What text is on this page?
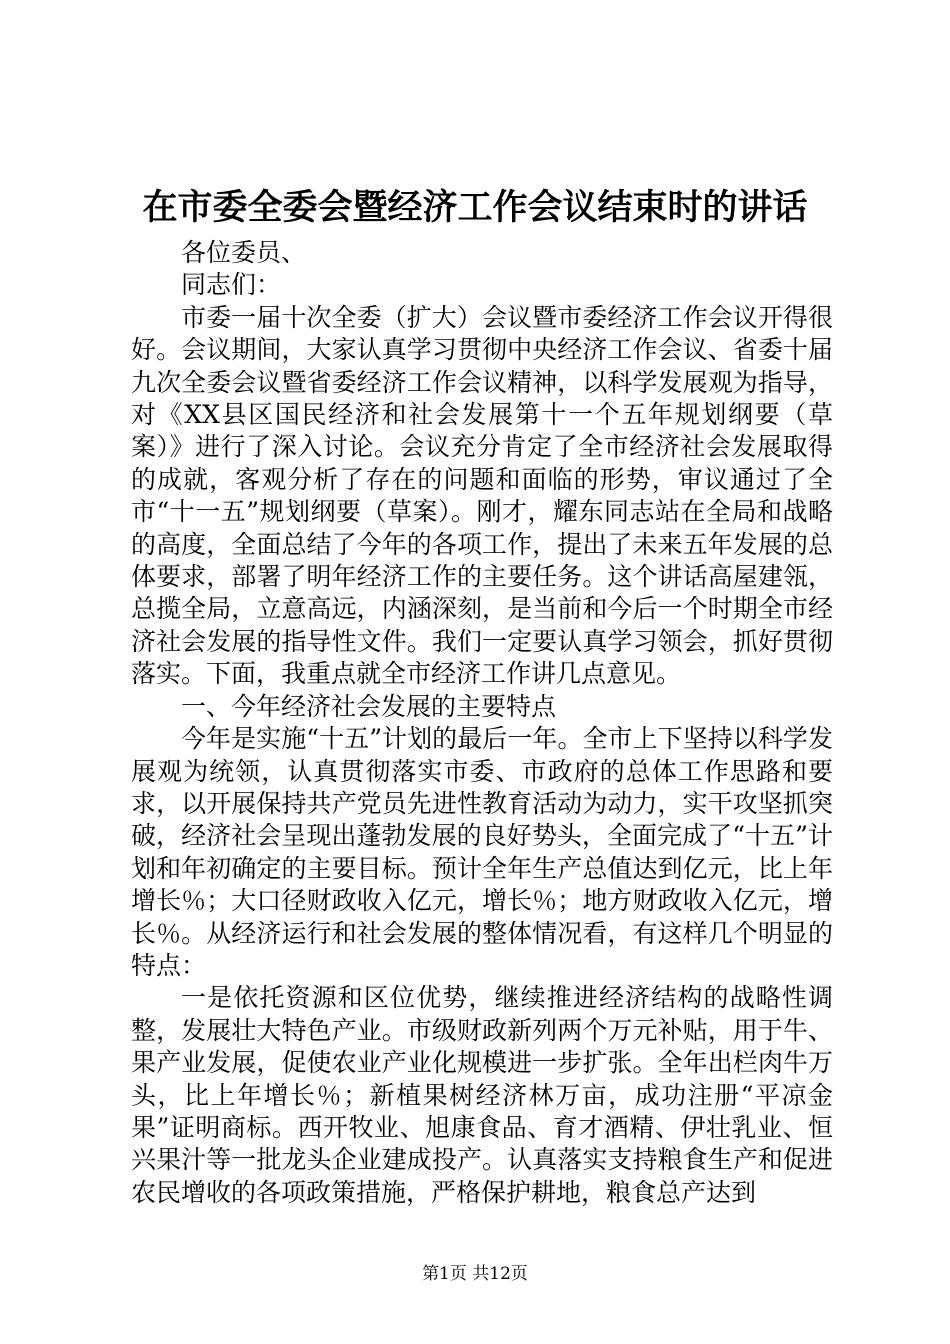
在市委全委会暨经济工作会议结束时的讲话

各位委员、

同志们：

市委一届十次全委（扩大）会议暨市委经济工作会议开得很好。会议期间，大家认真学习贯彻中央经济工作会议、省委十届九次全委会议暨省委经济工作会议精神，以科学发展观为指导，对《XX县区国民经济和社会发展第十一个五年规划纲要（草案）》进行了深入讨论。会议充分肯定了全市经济社会发展取得的成就，客观分析了存在的问题和面临的形势，审议通过了全市“十一五”规划纲要（草案）。刚才，耀东同志站在全局和战略的高度，全面总结了今年的各项工作，提出了未来五年发展的总体要求，部署了明年经济工作的主要任务。这个讲话高屋建瓴，总揽全局，立意高远，内涵深刻，是当前和今后一个时期全市经济社会发展的指导性文件。我们一定要认真学习领会，抓好贯彻落实。下面，我重点就全市经济工作讲几点意见。

一、今年经济社会发展的主要特点

今年是实施“十五”计划的最后一年。全市上下坚持以科学发展观为统领，认真贯彻落实市委、市政府的总体工作思路和要求，以开展保持共产党员先进性教育活动为动力，实干攻坚抓突破，经济社会呈现出蓬勃发展的良好势头，全面完成了“十五”计划和年初确定的主要目标。预计全年生产总值达到亿元，比上年增长％；大口径财政收入亿元，增长％；地方财政收入亿元，增长％。从经济运行和社会发展的整体情况看，有这样几个明显的特点：

一是依托资源和区位优势，继续推进经济结构的战略性调整，发展壮大特色产业。市级财政新列两个万元补贴，用于牛、果产业发展，促使农业产业化规模进一步扩张。全年出栏肉牛万头，比上年增长％；新植果树经济林万亩，成功注册“平凉金果”证明商标。西开牧业、旭康食品、育才酒精、伊壮乳业、恒兴果汁等一批龙头企业建成投产。认真落实支持粮食生产和促进农民增收的各项政策措施，严格保护耕地，粮食总产达到

第1页 共12页
